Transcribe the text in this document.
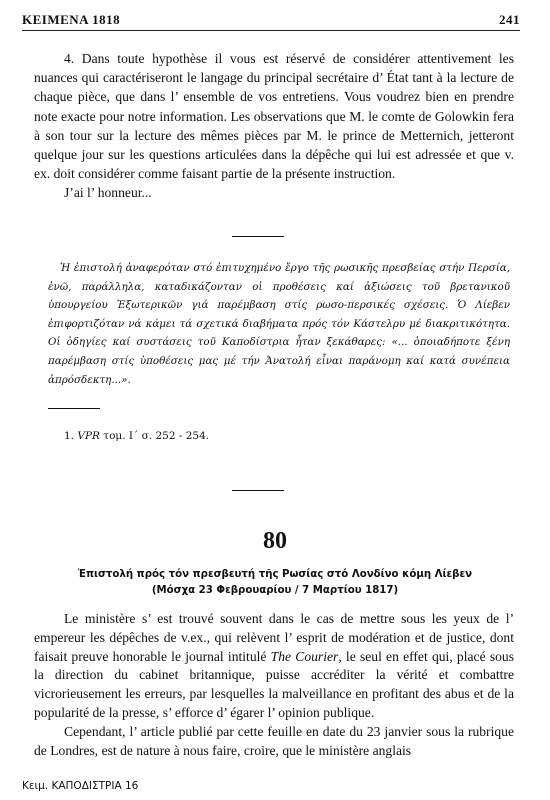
KEIMENA 1818	241

4. Dans toute hypothèse il vous est réservé de considérer attentivement les nuances qui caractériseront le langage du principal secrétaire d’ État tant à la lecture de chaque pièce, que dans l’ ensemble de vos entretiens. Vous voudrez bien en prendre note exacte pour notre information. Les observations que M. le comte de Golowkin fera à son tour sur la lecture des mêmes pièces par M. le prince de Metternich, jetteront quelque jour sur les questions articulées dans la dépêche qui lui est adressée et que v. ex. doit considérer comme faisant partie de la présente instruction.

J’ai l’ honneur...

Ἡ ἐπιστολή ἀναφερόταν στό ἐπιτυχημένο ἔργο τῆς ρωσικῆς πρεσβείας στήν Περσία, ἐνῶ, παράλληλα, καταδικάζονταν οἱ προθέσεις καί ἀξιώσεις τοῦ βρετανικοῦ ὑπουργείου Ἐξωτερικῶν γιά παρέμβαση στίς ρωσο-περσικές σχέσεις. Ὁ Λίεβεν ἐπιφορτιζόταν νά κάμει τά σχετικά διαβήματα πρός τόν Κάστελρυ μέ διακριτικότητα. Οἱ ὁδηγίες καί συστάσεις τοῦ Καποδίστρια ἦταν ξεκάθαρες: «... ὁποιαδήποτε ξένη παρέμβαση στίς ὑποθέσεις μας μέ τήν Ἀνατολή εἶναι παράνομη καί κατά συνέπεια ἀπρόσδεκτη...».
1. VPR τομ. Ι΄ σ. 252 - 254.
80
Ἐπιστολή πρός τόν πρεσβευτή τῆς Ρωσίας στό Λονδίνο κόμη Λίεβεν
(Μόσχα 23 Φεβρουαρίου / 7 Μαρτίου 1817)

Le ministère s’ est trouvé souvent dans le cas de mettre sous les yeux de l’ empereur les dépêches de v.ex., qui relèvent l’ esprit de modération et de justice, dont faisait preuve honorable le journal intitulé The Courier, le seul en effet qui, placé sous la direction du cabinet britannique, puisse accréditer la vérité et combattre vicrorieusement les erreurs, par lesquelles la malveillance en profitant des abus et de la popularité de la presse, s’ efforce d’ égarer l’ opinion publique.

Cependant, l’ article publié par cette feuille en date du 23 janvier sous la rubrique de Londres, est de nature à nous faire, croire, que le ministère anglais

Κειμ. ΚΑΠΟΔΙΣΤΡΙΑ 16
